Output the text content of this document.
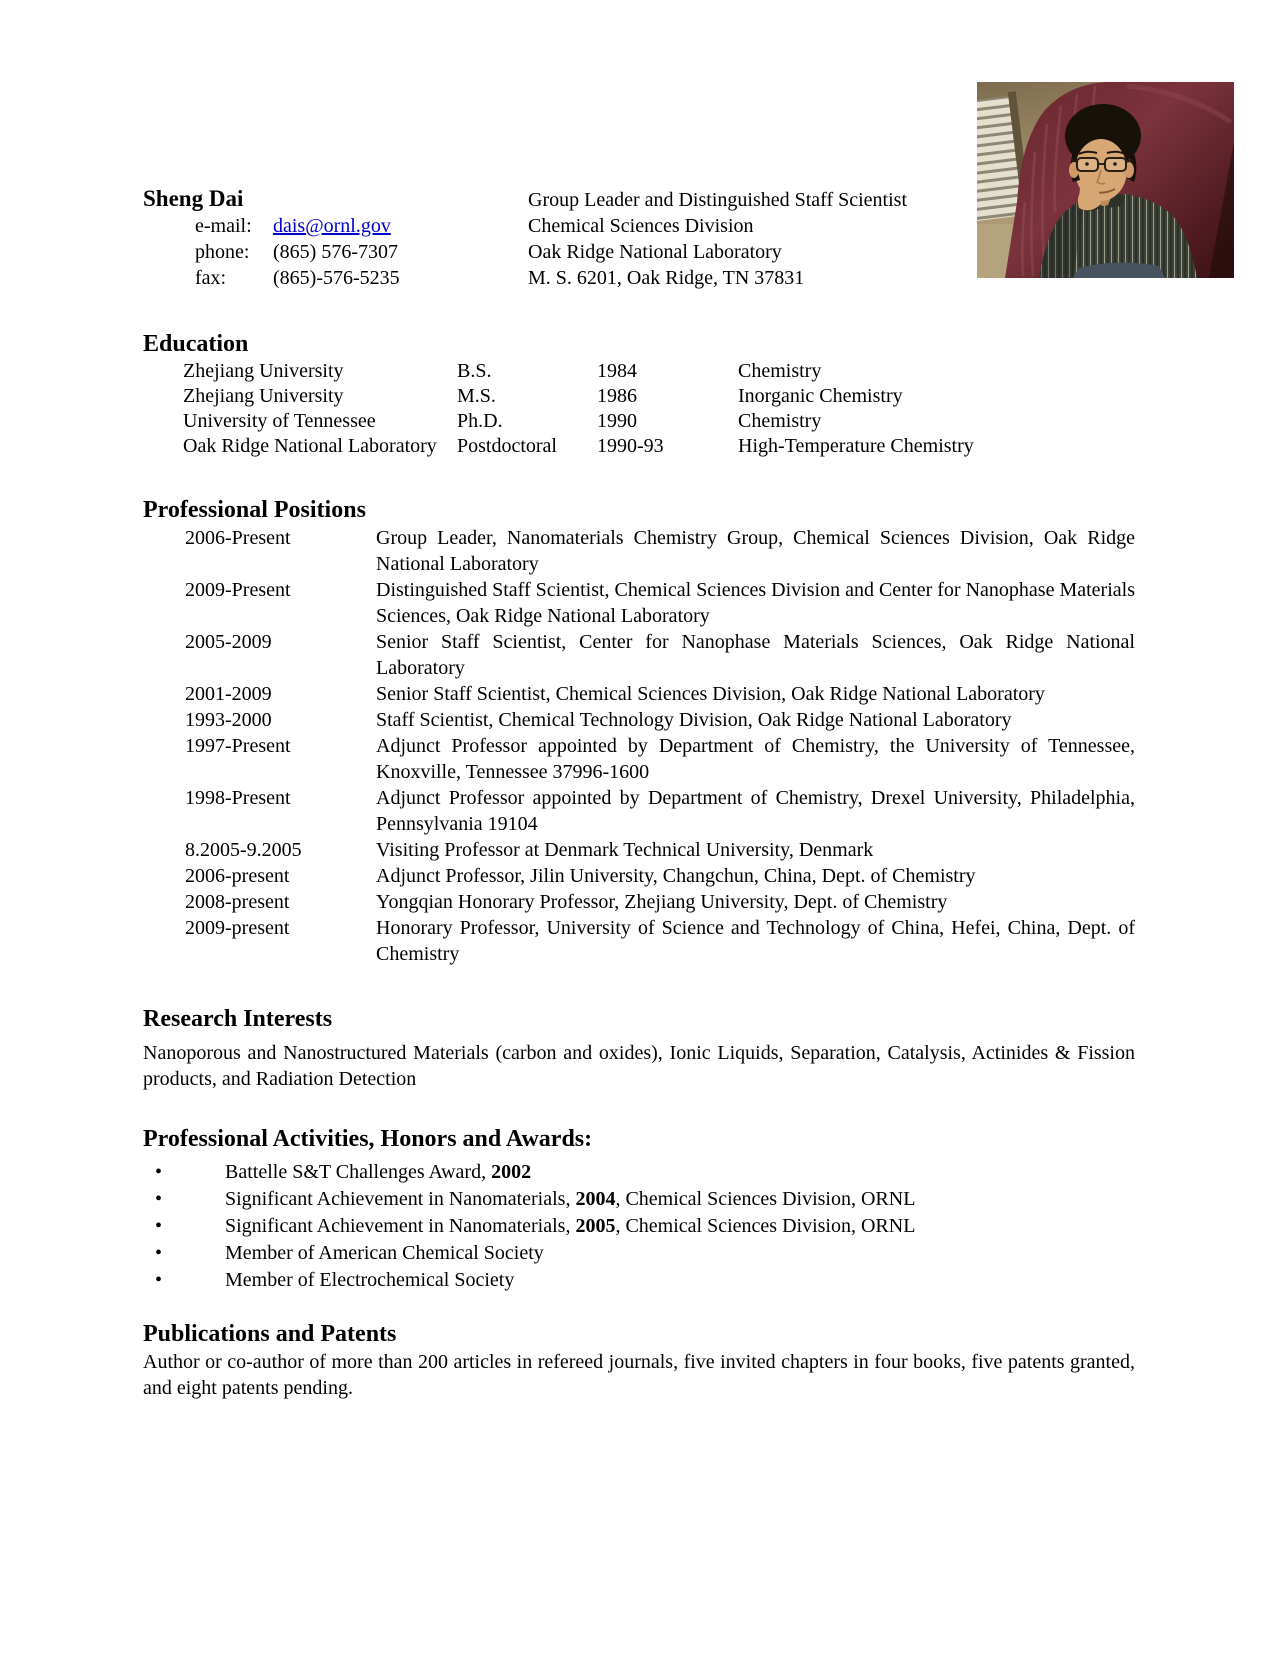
Sheng Dai	Group Leader and Distinguished Staff Scientist
e-mail: dais@ornl.gov	Chemical Sciences Division
phone: (865) 576-7307	Oak Ridge National Laboratory
fax: (865)-576-5235	M. S. 6201, Oak Ridge, TN 37831
Education
Zhejiang University	B.S.	1984	Chemistry
Zhejiang University	M.S.	1986	Inorganic Chemistry
University of Tennessee	Ph.D.	1990	Chemistry
Oak Ridge National Laboratory	Postdoctoral	1990-93	High-Temperature Chemistry
Professional Positions
2006-Present	Group Leader, Nanomaterials Chemistry Group, Chemical Sciences Division, Oak Ridge National Laboratory
2009-Present	Distinguished Staff Scientist, Chemical Sciences Division and Center for Nanophase Materials Sciences, Oak Ridge National Laboratory
2005-2009	Senior Staff Scientist, Center for Nanophase Materials Sciences, Oak Ridge National Laboratory
2001-2009	Senior Staff Scientist, Chemical Sciences Division, Oak Ridge National Laboratory
1993-2000	Staff Scientist, Chemical Technology Division, Oak Ridge National Laboratory
1997-Present	Adjunct Professor appointed by Department of Chemistry, the University of Tennessee, Knoxville, Tennessee 37996-1600
1998-Present	Adjunct Professor appointed by Department of Chemistry, Drexel University, Philadelphia, Pennsylvania 19104
8.2005-9.2005	Visiting Professor at Denmark Technical University, Denmark
2006-present	Adjunct Professor, Jilin University, Changchun, China, Dept. of Chemistry
2008-present	Yongqian Honorary Professor, Zhejiang University, Dept. of Chemistry
2009-present	Honorary Professor, University of Science and Technology of China, Hefei, China, Dept. of Chemistry
Research Interests
Nanoporous and Nanostructured Materials (carbon and oxides), Ionic Liquids, Separation, Catalysis, Actinides & Fission products, and Radiation Detection
Professional Activities, Honors and Awards:
•	Battelle S&T Challenges Award, 2002
•	Significant Achievement in Nanomaterials, 2004, Chemical Sciences Division, ORNL
•	Significant Achievement in Nanomaterials, 2005, Chemical Sciences Division, ORNL
•	Member of American Chemical Society
•	Member of Electrochemical Society
Publications and Patents
Author or co-author of more than 200 articles in refereed journals, five invited chapters in four books, five patents granted, and eight patents pending.
